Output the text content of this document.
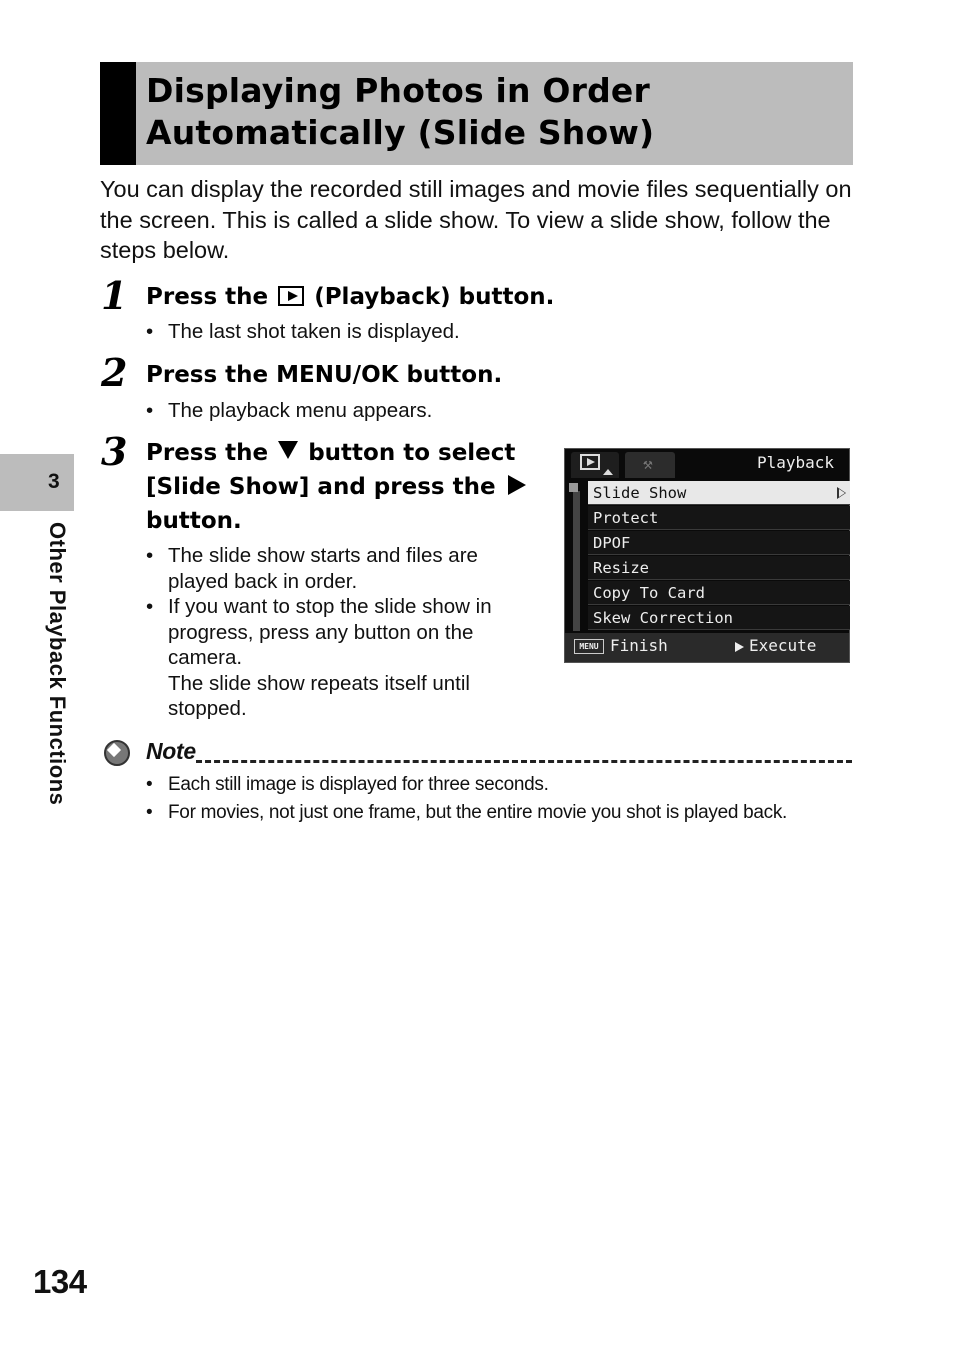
Displaying Photos in Order
Automatically (Slide Show)

You can display the recorded still images and movie files sequentially on the screen. This is called a slide show. To view a slide show, follow the steps below.

1 Press the (Playback) button.

• The last shot taken is displayed.

2 Press the MENU/OK button.

• The playback menu appears.

3 Press the button to select

[Slide Show] and press the

button.

• The slide show starts and files are

played back in order.

• If you want to stop the slide show in

progress, press any button on the

camera.

The slide show repeats itself until

stopped.

⚒	Playback
Slide Show
Protect
DPOF
Resize
Copy To Card
Skew Correction
MENU Finish	Execute
3
Other Playback Functions	Note

• Each still image is displayed for three seconds.

• For movies, not just one frame, but the entire movie you shot is played back.

134
